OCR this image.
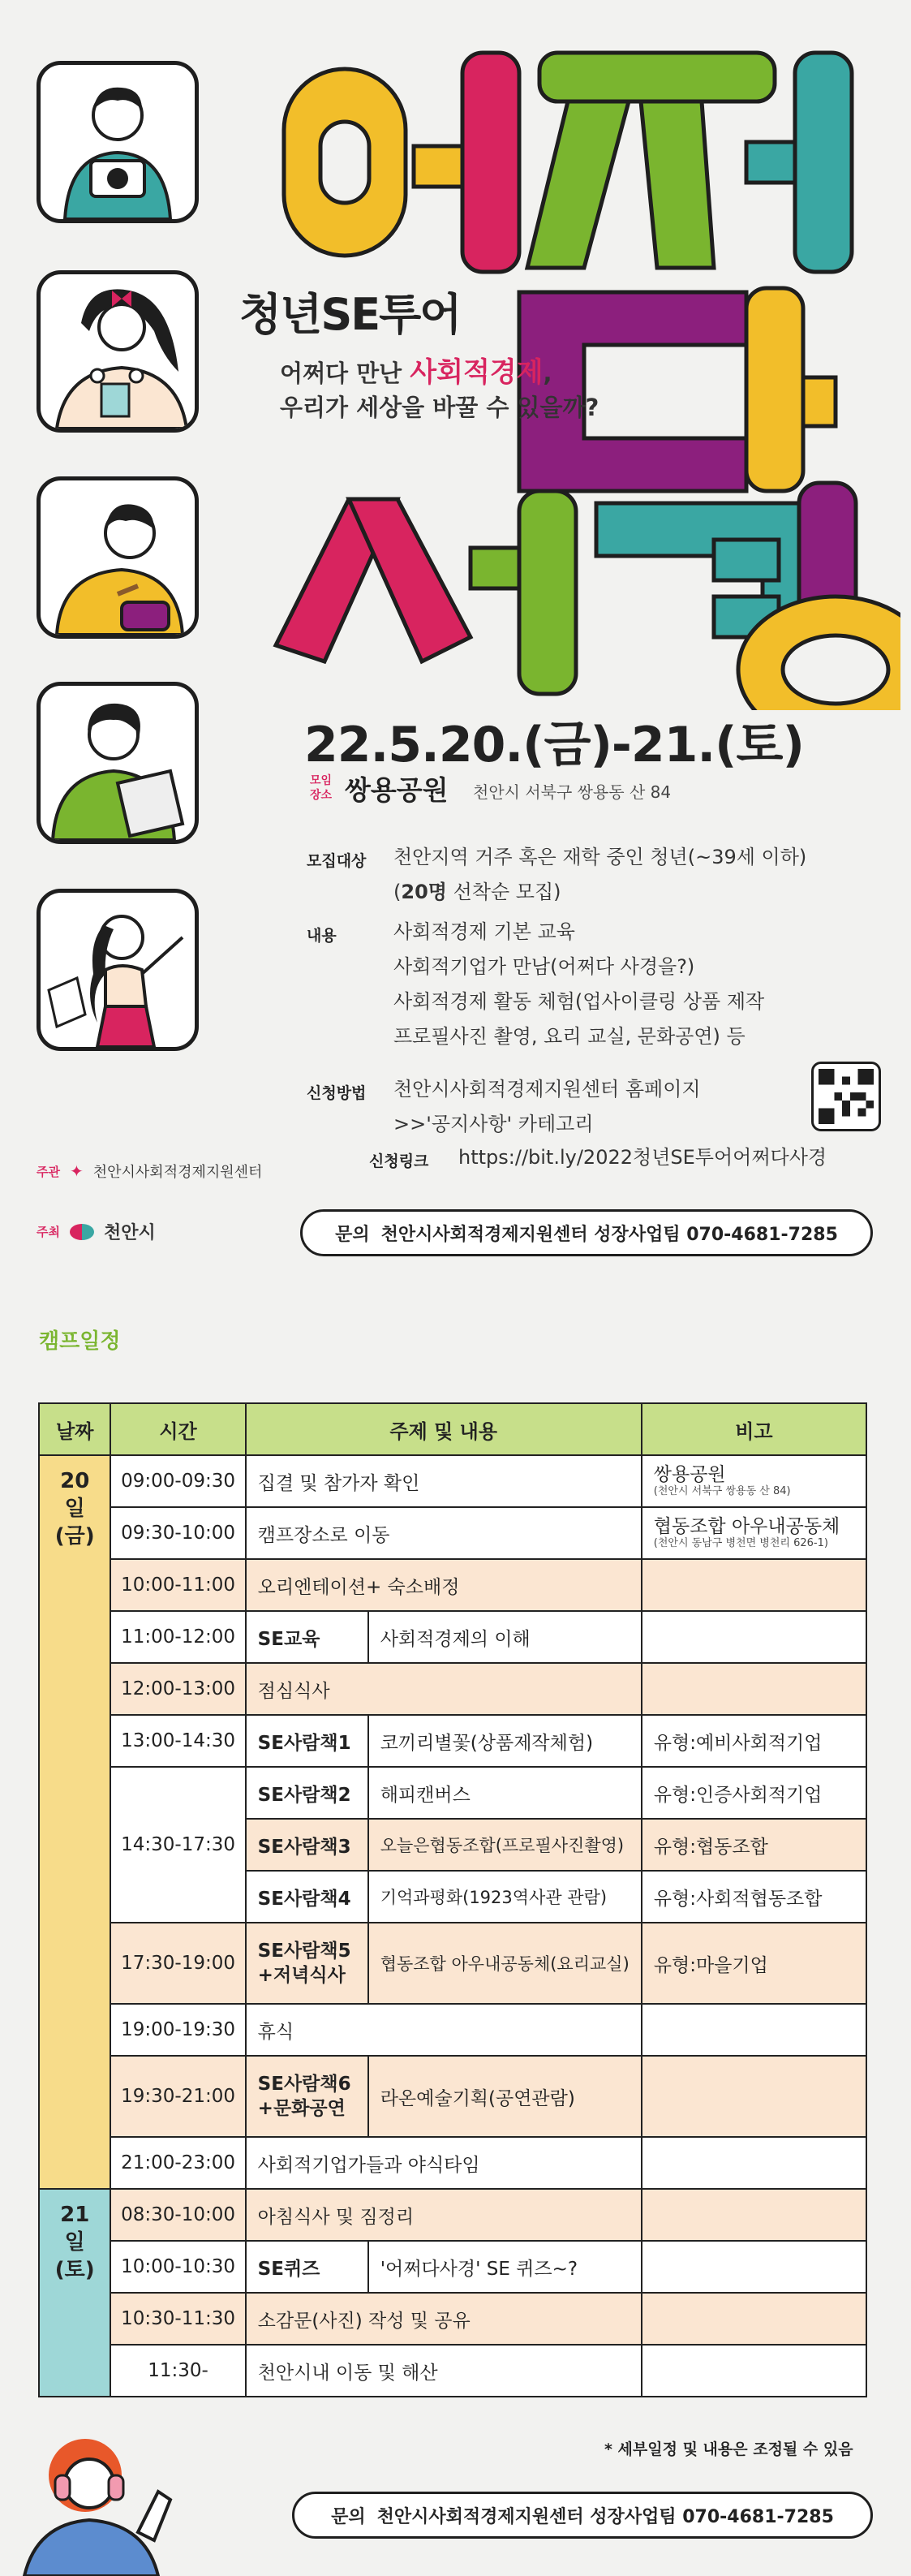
청년SE투어
어쩌다 만난 사회적경제,
우리가 세상을 바꿀 수 있을까?
22.5.20.(금)-21.(토)
모임
장소 쌍용공원 천안시 서북구 쌍용동 산 84
모집대상 천안지역 거주 혹은 재학 중인 청년(~39세 이하)
(20명 선착순 모집)
내용	사회적경제 기본 교육
사회적기업가 만남(어쩌다 사경을?)
사회적경제 활동 체험(업사이클링 상품 제작
프로필사진 촬영, 요리 교실, 문화공연) 등
신청방법 천안시사회적경제지원센터 홈페이지
>>'공지사항' 카테고리
신청링크 https://bit.ly/2022청년SE투어어쩌다사경
주관 ✦ 천안시사회적경제지원센터
주최 천안시	문의 천안시사회적경제지원센터 성장사업팀 070-4681-7285
캠프일정
날짜	시간	주제 및 내용		비고
20일
(금)	09:00-09:30	집결 및 참가자 확인		쌍용공원
(천안시 서북구 쌍용동 산 84)

	09:30-10:00	캠프장소로 이동		협동조합 아우내공동체
(천안시 동남구 병천면 병천리 626-1)

	10:00-11:00	오리엔테이션+ 숙소배정		
	11:00-12:00	SE교육	사회적경제의 이해	
	12:00-13:00	점심식사		
	13:00-14:30	SE사람책1	코끼리별꽃(상품제작체험)	유형:예비사회적기업
	14:30-17:30	SE사람책2	해피캔버스	유형:인증사회적기업
		SE사람책3	오늘은협동조합(프로필사진촬영)	유형:협동조합
		SE사람책4	기억과평화(1923역사관 관람)	유형:사회적협동조합
	17:30-19:00	SE사람책5
+저녁식사	협동조합 아우내공동체(요리교실)	유형:마을기업
	19:00-19:30	휴식		
	19:30-21:00	SE사람책6
+문화공연	라온예술기획(공연관람)	
	21:00-23:00	사회적기업가들과 야식타임		
21일
(토)	08:30-10:00	아침식사 및 짐정리		
	10:00-10:30	SE퀴즈	'어쩌다사경' SE 퀴즈~?	
	10:30-11:30	소감문(사진) 작성 및 공유		
	11:30-	천안시내 이동 및 해산		
* 세부일정 및 내용은 조정될 수 있음
문의 천안시사회적경제지원센터 성장사업팀 070-4681-7285
